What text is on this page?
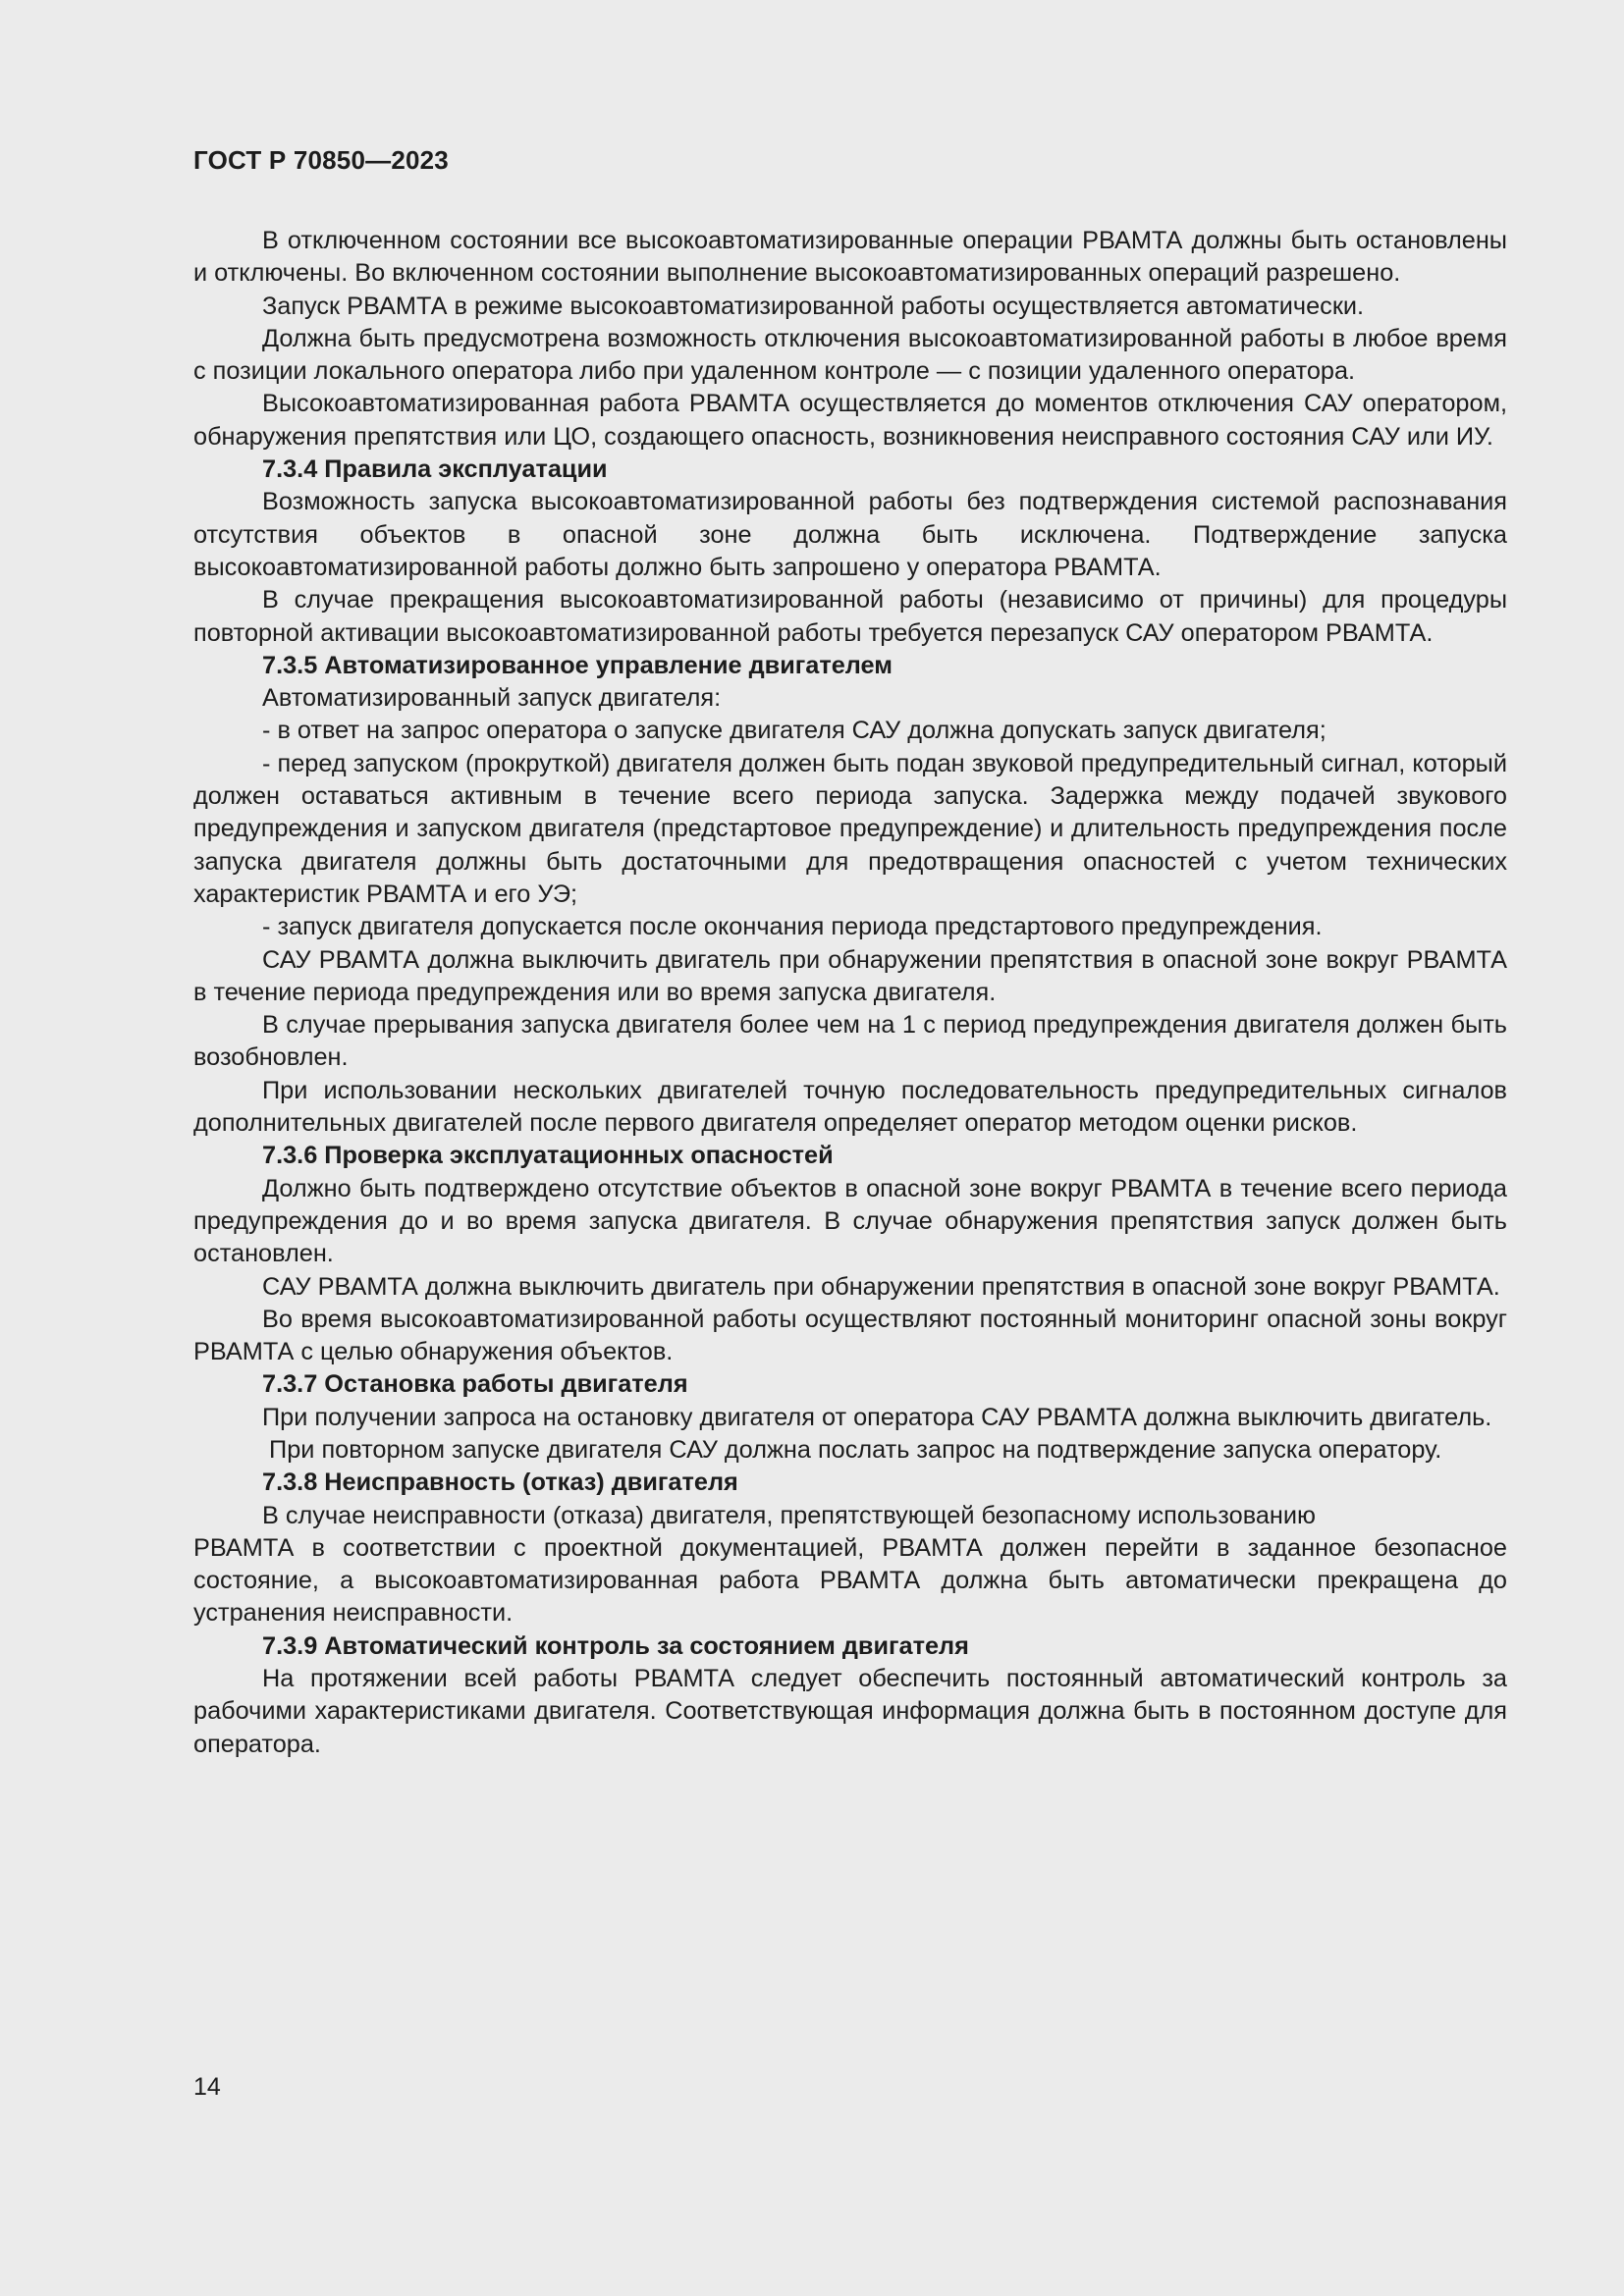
ГОСТ Р 70850—2023

В отключенном состоянии все высокоавтоматизированные операции РВАМТА должны быть остановлены и отключены. Во включенном состоянии выполнение высокоавтоматизированных операций разрешено.

Запуск РВАМТА в режиме высокоавтоматизированной работы осуществляется автоматически.

Должна быть предусмотрена возможность отключения высокоавтоматизированной работы в любое время с позиции локального оператора либо при удаленном контроле — с позиции удаленного оператора.

Высокоавтоматизированная работа РВАМТА осуществляется до моментов отключения САУ оператором, обнаружения препятствия или ЦО, создающего опасность, возникновения неисправного состояния САУ или ИУ.

7.3.4 Правила эксплуатации

Возможность запуска высокоавтоматизированной работы без подтверждения системой распознавания отсутствия объектов в опасной зоне должна быть исключена. Подтверждение запуска высокоавтоматизированной работы должно быть запрошено у оператора РВАМТА.

В случае прекращения высокоавтоматизированной работы (независимо от причины) для процедуры повторной активации высокоавтоматизированной работы требуется перезапуск САУ оператором РВАМТА.

7.3.5 Автоматизированное управление двигателем

Автоматизированный запуск двигателя:

- в ответ на запрос оператора о запуске двигателя САУ должна допускать запуск двигателя;

- перед запуском (прокруткой) двигателя должен быть подан звуковой предупредительный сигнал, который должен оставаться активным в течение всего периода запуска. Задержка между подачей звукового предупреждения и запуском двигателя (предстартовое предупреждение) и длительность предупреждения после запуска двигателя должны быть достаточными для предотвращения опасностей с учетом технических характеристик РВАМТА и его УЭ;

- запуск двигателя допускается после окончания периода предстартового предупреждения.

САУ РВАМТА должна выключить двигатель при обнаружении препятствия в опасной зоне вокруг РВАМТА в течение периода предупреждения или во время запуска двигателя.

В случае прерывания запуска двигателя более чем на 1 с период предупреждения двигателя должен быть возобновлен.

При использовании нескольких двигателей точную последовательность предупредительных сигналов дополнительных двигателей после первого двигателя определяет оператор методом оценки рисков.

7.3.6 Проверка эксплуатационных опасностей

Должно быть подтверждено отсутствие объектов в опасной зоне вокруг РВАМТА в течение всего периода предупреждения до и во время запуска двигателя. В случае обнаружения препятствия запуск должен быть остановлен.

САУ РВАМТА должна выключить двигатель при обнаружении препятствия в опасной зоне вокруг РВАМТА.

Во время высокоавтоматизированной работы осуществляют постоянный мониторинг опасной зоны вокруг РВАМТА с целью обнаружения объектов.

7.3.7 Остановка работы двигателя

При получении запроса на остановку двигателя от оператора САУ РВАМТА должна выключить двигатель.

При повторном запуске двигателя САУ должна послать запрос на подтверждение запуска оператору.

7.3.8 Неисправность (отказ) двигателя

В случае неисправности (отказа) двигателя, препятствующей безопасному использованию

РВАМТА в соответствии с проектной документацией, РВАМТА должен перейти в заданное безопасное состояние, а высокоавтоматизированная работа РВАМТА должна быть автоматически прекращена до устранения неисправности.

7.3.9 Автоматический контроль за состоянием двигателя

На протяжении всей работы РВАМТА следует обеспечить постоянный автоматический контроль за рабочими характеристиками двигателя. Соответствующая информация должна быть в постоянном доступе для оператора.

14
